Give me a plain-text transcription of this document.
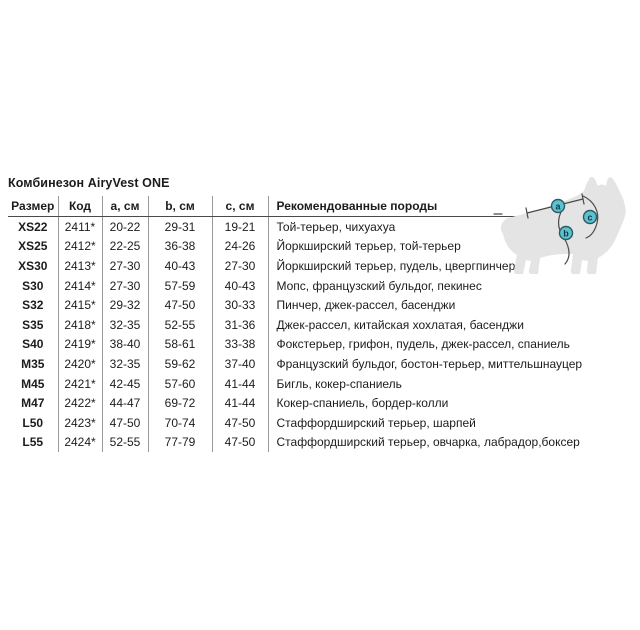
Комбинезон AiryVest ONE
Размер	Код	a, см	b, см	c, см	Рекомендованные породы
XS22	2411*	20-22	29-31	19-21	Той-терьер, чихуахуа
XS25	2412*	22-25	36-38	24-26	Йоркширский терьер, той-терьер
XS30	2413*	27-30	40-43	27-30	Йоркширский терьер, пудель, цвергпинчер
S30	2414*	27-30	57-59	40-43	Мопс, французский бульдог, пекинес
S32	2415*	29-32	47-50	30-33	Пинчер, джек-рассел, басенджи
S35	2418*	32-35	52-55	31-36	Джек-рассел, китайская хохлатая, басенджи
S40	2419*	38-40	58-61	33-38	Фокстерьер, грифон, пудель, джек-рассел, спаниель
M35	2420*	32-35	59-62	37-40	Французский бульдог, бостон-терьер, миттельшнауцер
M45	2421*	42-45	57-60	41-44	Бигль, кокер-спаниель
M47	2422*	44-47	69-72	41-44	Кокер-спаниель, бордер-колли
L50	2423*	47-50	70-74	47-50	Стаффордширский терьер, шарпей
L55	2424*	52-55	77-79	47-50	Стаффордширский терьер, овчарка, лабрадор,боксер
a
b
c
